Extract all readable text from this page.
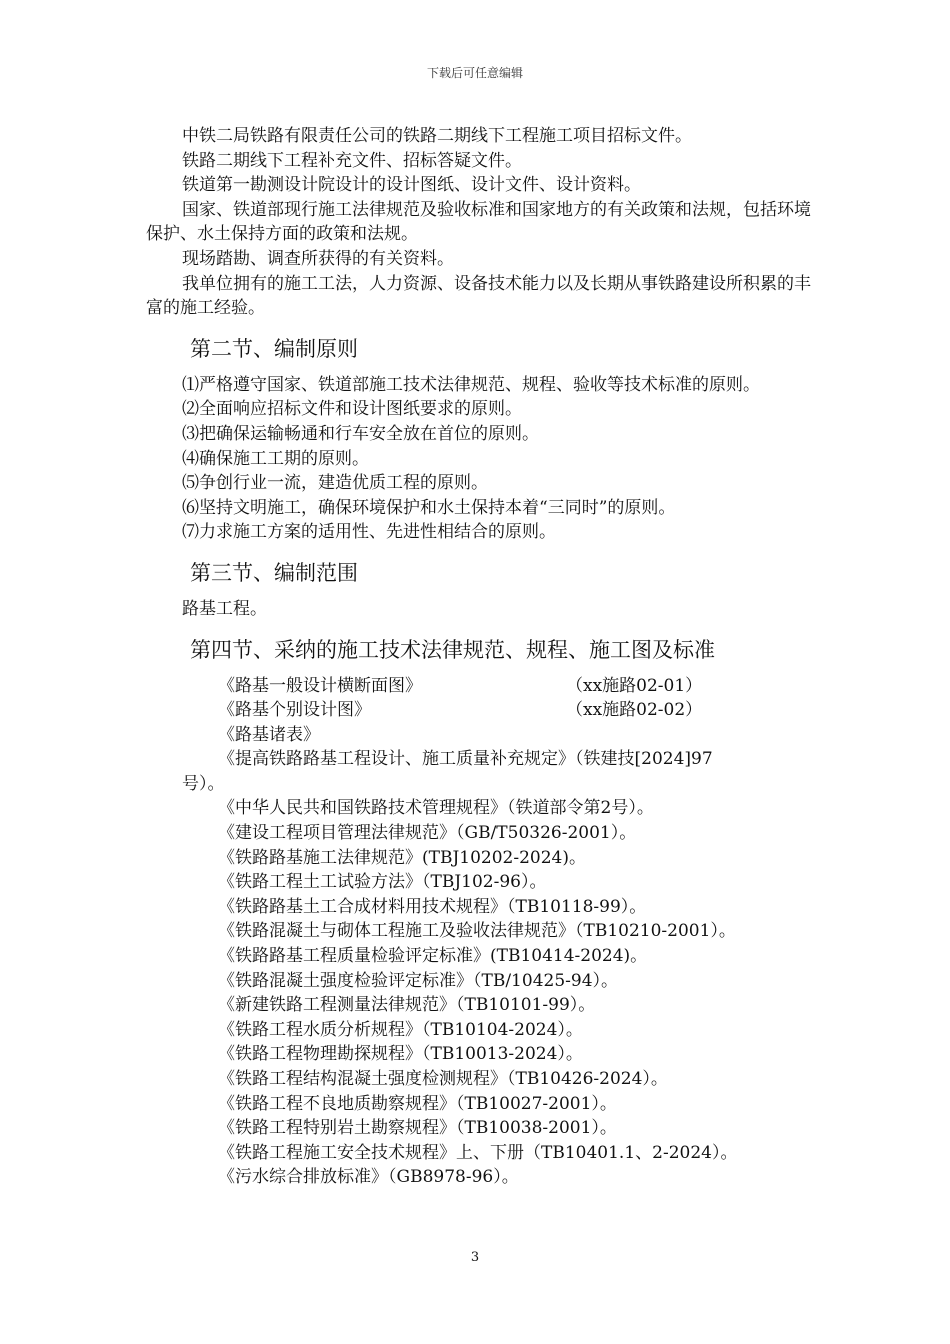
下载后可任意编辑

中铁二局铁路有限责任公司的铁路二期线下工程施工项目招标文件。

铁路二期线下工程补充文件、招标答疑文件。

铁道第一勘测设计院设计的设计图纸、设计文件、设计资料。

国家、铁道部现行施工法律规范及验收标准和国家地方的有关政策和法规，包括环境保护、水土保持方面的政策和法规。

现场踏勘、调查所获得的有关资料。

我单位拥有的施工工法，人力资源、设备技术能力以及长期从事铁路建设所积累的丰富的施工经验。

第二节、编制原则

⑴严格遵守国家、铁道部施工技术法律规范、规程、验收等技术标准的原则。

⑵全面响应招标文件和设计图纸要求的原则。

⑶把确保运输畅通和行车安全放在首位的原则。

⑷确保施工工期的原则。

⑸争创行业一流，建造优质工程的原则。

⑹坚持文明施工，确保环境保护和水土保持本着“三同时”的原则。

⑺力求施工方案的适用性、先进性相结合的原则。

第三节、编制范围

路基工程。

第四节、采纳的施工技术法律规范、规程、施工图及标准

《路基一般设计横断面图》	（xx施路02-01）

《路基个别设计图》	（xx施路02-02）

《路基诸表》

《提高铁路路基工程设计、施工质量补充规定》（铁建技[2024]97

号）。

《中华人民共和国铁路技术管理规程》（铁道部令第2号）。

《建设工程项目管理法律规范》（GB/T50326-2001）。

《铁路路基施工法律规范》(TBJ10202-2024)。

《铁路工程土工试验方法》（TBJ102-96）。

《铁路路基土工合成材料用技术规程》（TB10118-99）。

《铁路混凝土与砌体工程施工及验收法律规范》（TB10210-2001）。

《铁路路基工程质量检验评定标准》(TB10414-2024)。

《铁路混凝土强度检验评定标准》（TB/10425-94）。

《新建铁路工程测量法律规范》（TB10101-99）。

《铁路工程水质分析规程》（TB10104-2024）。

《铁路工程物理勘探规程》（TB10013-2024）。

《铁路工程结构混凝土强度检测规程》（TB10426-2024）。

《铁路工程不良地质勘察规程》（TB10027-2001）。

《铁路工程特别岩土勘察规程》（TB10038-2001）。

《铁路工程施工安全技术规程》上、下册（TB10401.1、2-2024）。

《污水综合排放标准》（GB8978-96）。

3
